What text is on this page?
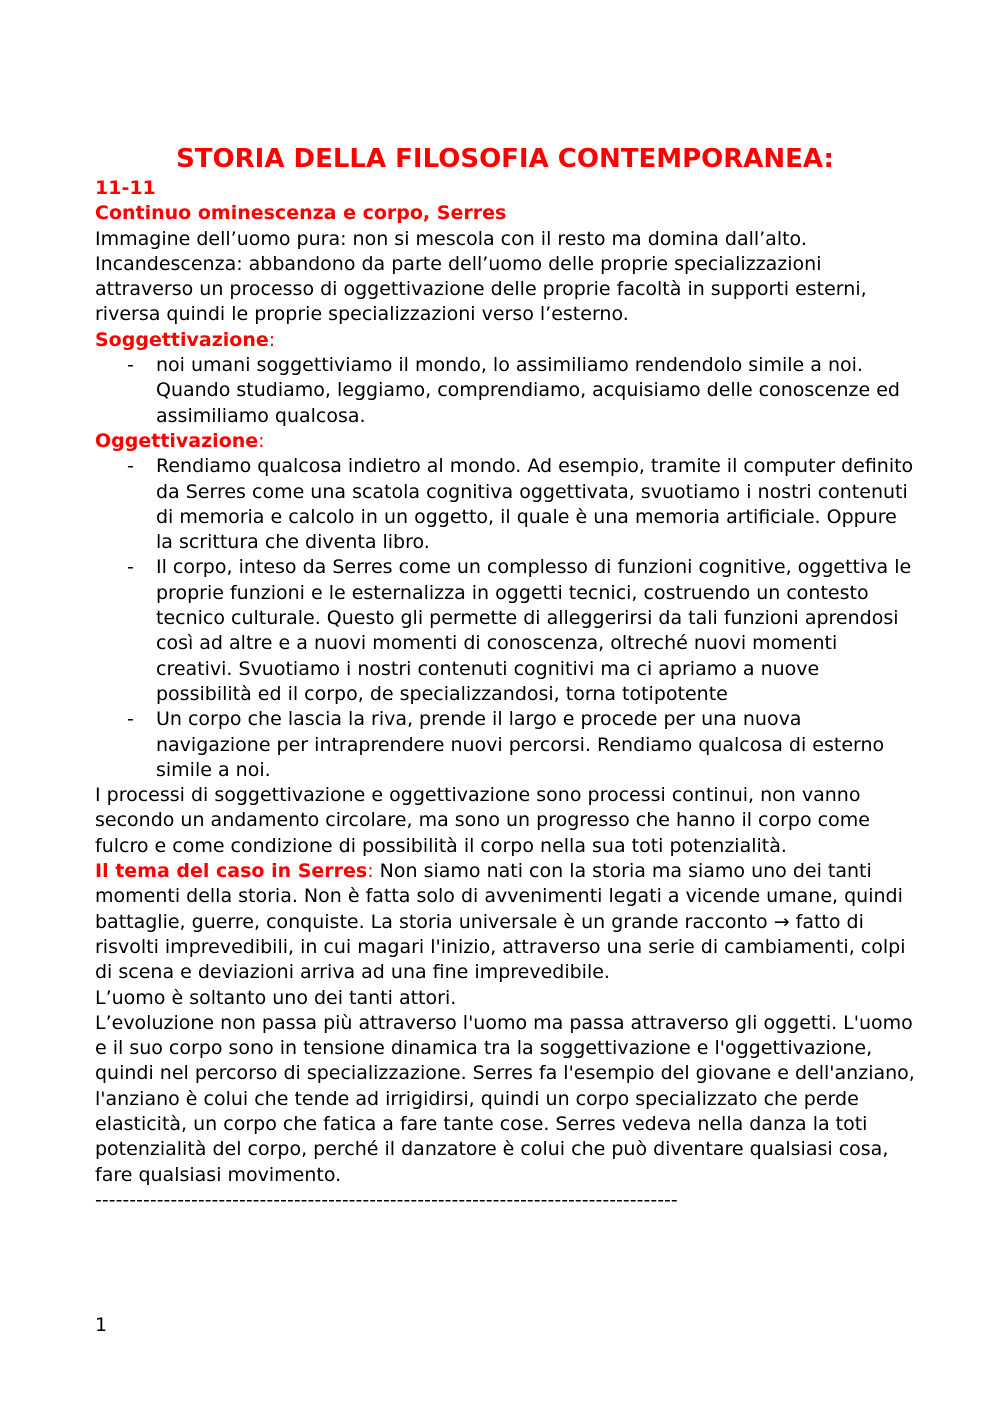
STORIA DELLA FILOSOFIA CONTEMPORANEA:

11-11

Continuo ominescenza e corpo, Serres

Immagine dell’uomo pura: non si mescola con il resto ma domina dall’alto. Incandescenza: abbandono da parte dell’uomo delle proprie specializzazioni attraverso un processo di oggettivazione delle proprie facoltà in supporti esterni, riversa quindi le proprie specializzazioni verso l’esterno.

Soggettivazione:

- noi umani soggettiviamo il mondo, lo assimiliamo rendendolo simile a noi. Quando studiamo, leggiamo, comprendiamo, acquisiamo delle conoscenze ed assimiliamo qualcosa.

Oggettivazione:

- Rendiamo qualcosa indietro al mondo. Ad esempio, tramite il computer definito da Serres come una scatola cognitiva oggettivata, svuotiamo i nostri contenuti di memoria e calcolo in un oggetto, il quale è una memoria artificiale. Oppure la scrittura che diventa libro.
- Il corpo, inteso da Serres come un complesso di funzioni cognitive, oggettiva le proprie funzioni e le esternalizza in oggetti tecnici, costruendo un contesto tecnico culturale. Questo gli permette di alleggerirsi da tali funzioni aprendosi così ad altre e a nuovi momenti di conoscenza, oltreché nuovi momenti creativi. Svuotiamo i nostri contenuti cognitivi ma ci apriamo a nuove possibilità ed il corpo, de specializzandosi, torna totipotente
- Un corpo che lascia la riva, prende il largo e procede per una nuova navigazione per intraprendere nuovi percorsi. Rendiamo qualcosa di esterno simile a noi.

I processi di soggettivazione e oggettivazione sono processi continui, non vanno secondo un andamento circolare, ma sono un progresso che hanno il corpo come fulcro e come condizione di possibilità il corpo nella sua toti potenzialità.

Il tema del caso in Serres: Non siamo nati con la storia ma siamo uno dei tanti momenti della storia. Non è fatta solo di avvenimenti legati a vicende umane, quindi battaglie, guerre, conquiste. La storia universale è un grande racconto → fatto di risvolti imprevedibili, in cui magari l'inizio, attraverso una serie di cambiamenti, colpi di scena e deviazioni arriva ad una fine imprevedibile.

L’uomo è soltanto uno dei tanti attori.

L’evoluzione non passa più attraverso l'uomo ma passa attraverso gli oggetti. L'uomo e il suo corpo sono in tensione dinamica tra la soggettivazione e l'oggettivazione, quindi nel percorso di specializzazione. Serres fa l'esempio del giovane e dell'anziano, l'anziano è colui che tende ad irrigidirsi, quindi un corpo specializzato che perde elasticità, un corpo che fatica a fare tante cose. Serres vedeva nella danza la toti potenzialità del corpo, perché il danzatore è colui che può diventare qualsiasi cosa, fare qualsiasi movimento.

-------------------------------------------------------------------------------------

1
